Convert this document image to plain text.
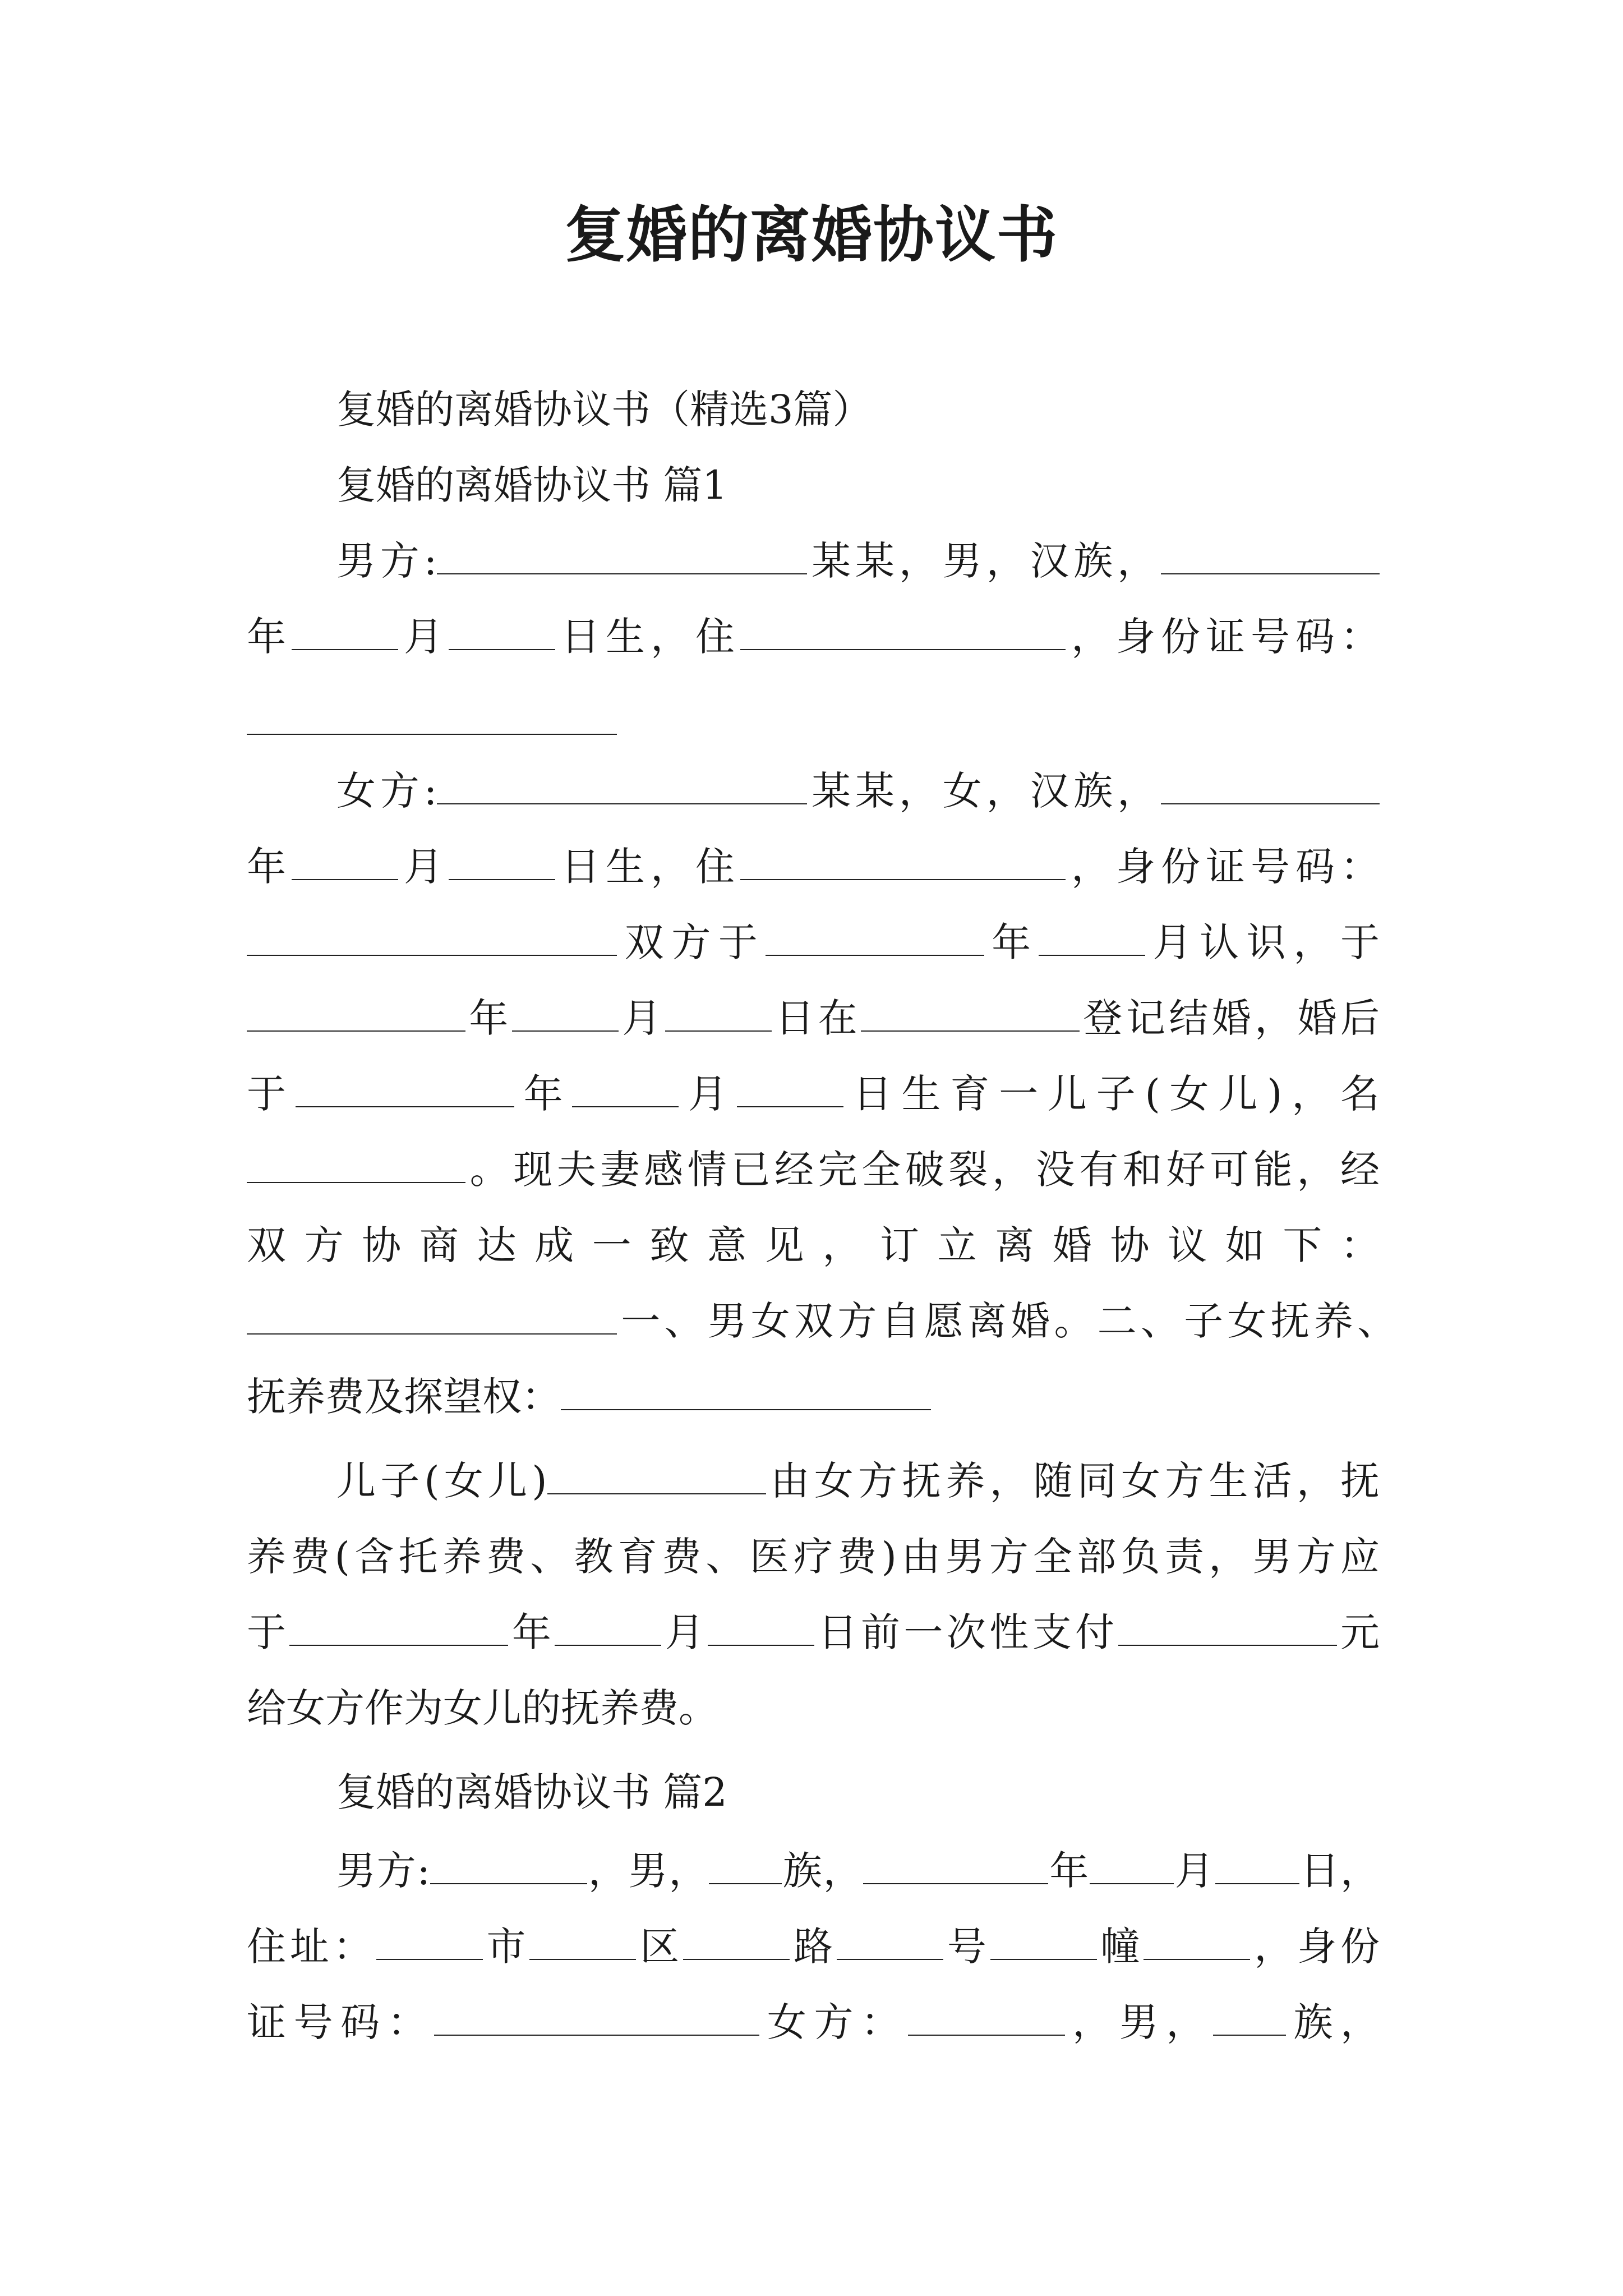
复婚的离婚协议书
复婚的离婚协议书（精选3篇）
复婚的离婚协议书 篇1
男方:	某某，男，汉族，
年	月	日生，住	，身份证号码：
女方:	某某，女，汉族，
年	月	日生，住	，身份证号码：
双方于	年	月认识，于
年	月	日在	登记结婚，婚后
于	年	月	日生育一儿子(女儿)，名
。现夫妻感情已经完全破裂，没有和好可能，经
双方协商达成一致意见，订立离婚协议如下：
一、男女双方自愿离婚。二、子女抚养、
抚养费及探望权：
儿子(女儿)	由女方抚养，随同女方生活，抚
养费(含托养费、教育费、医疗费)由男方全部负责，男方应
于	年	月	日前一次性支付	元
给女方作为女儿的抚养费。
复婚的离婚协议书 篇2
男方:	，男， 族，	年 月 日，
住址：	市	区	路	号	幢	，身份
证号码：	女方：	，男， 族，
